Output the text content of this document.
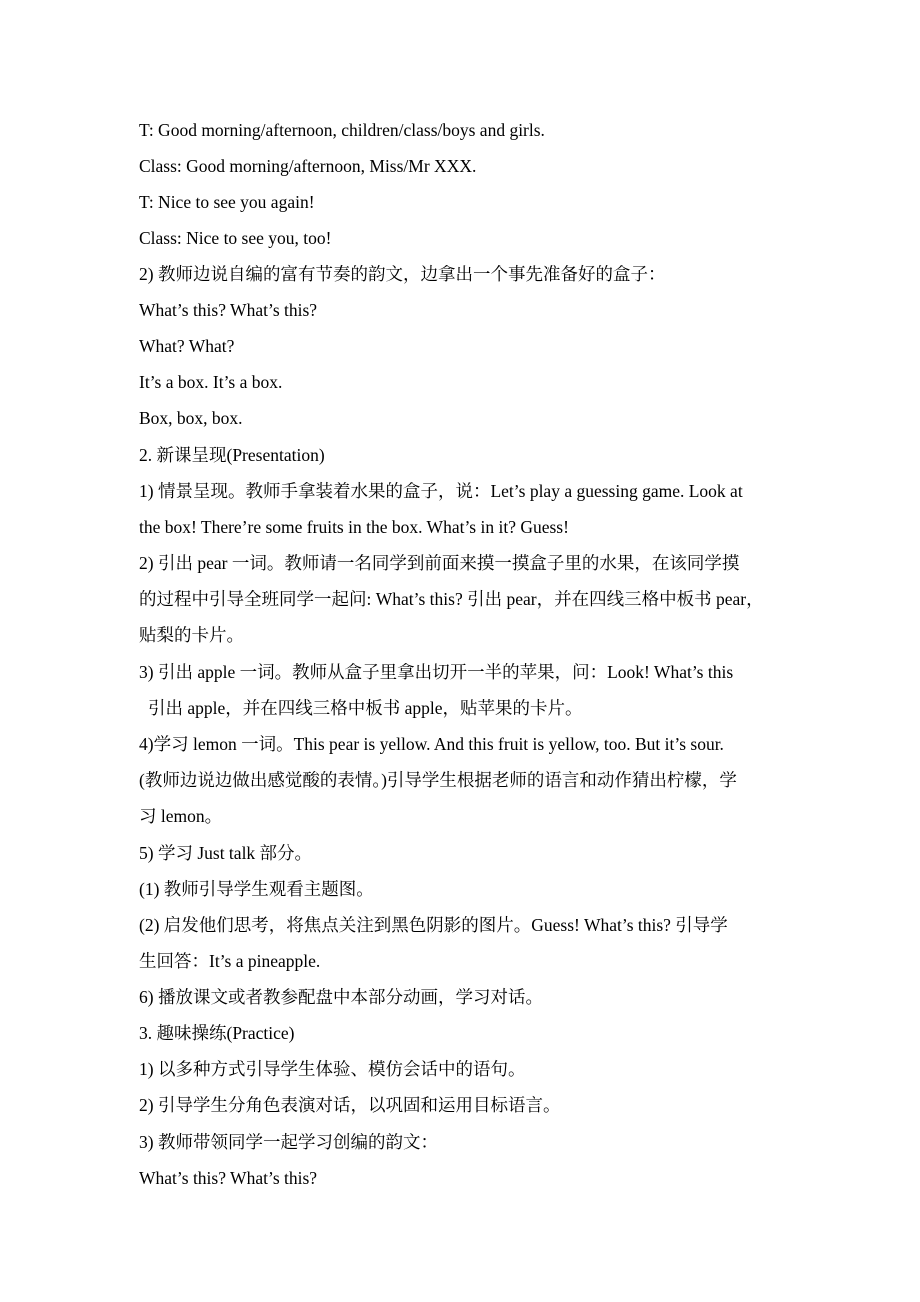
T: Good morning/afternoon, children/class/boys and girls.
Class: Good morning/afternoon, Miss/Mr XXX.
T: Nice to see you again!
Class: Nice to see you, too!
2) 教师边说自编的富有节奏的韵文，边拿出一个事先准备好的盒子：
What’s this? What’s this?
What? What?
It’s a box. It’s a box.
Box, box, box.
2. 新课呈现(Presentation)
1) 情景呈现。教师手拿装着水果的盒子，说：Let’s play a guessing game. Look at
the box! There’re some fruits in the box. What’s in it? Guess!
2) 引出 pear 一词。教师请一名同学到前面来摸一摸盒子里的水果，在该同学摸
的过程中引导全班同学一起问: What’s this? 引出 pear，并在四线三格中板书 pear，
贴梨的卡片。
3) 引出 apple 一词。教师从盒子里拿出切开一半的苹果，问：Look! What’s this
引出 apple，并在四线三格中板书 apple，贴苹果的卡片。
4)学习 lemon 一词。This pear is yellow. And this fruit is yellow, too. But it’s sour.
(教师边说边做出感觉酸的表情。)引导学生根据老师的语言和动作猜出柠檬，学
习 lemon。
5) 学习 Just talk 部分。
(1) 教师引导学生观看主题图。
(2) 启发他们思考，将焦点关注到黑色阴影的图片。Guess! What’s this? 引导学
生回答：It’s a pineapple.
6) 播放课文或者教参配盘中本部分动画，学习对话。
3. 趣味操练(Practice)
1) 以多种方式引导学生体验、模仿会话中的语句。
2) 引导学生分角色表演对话，以巩固和运用目标语言。
3) 教师带领同学一起学习创编的韵文：
What’s this? What’s this?
